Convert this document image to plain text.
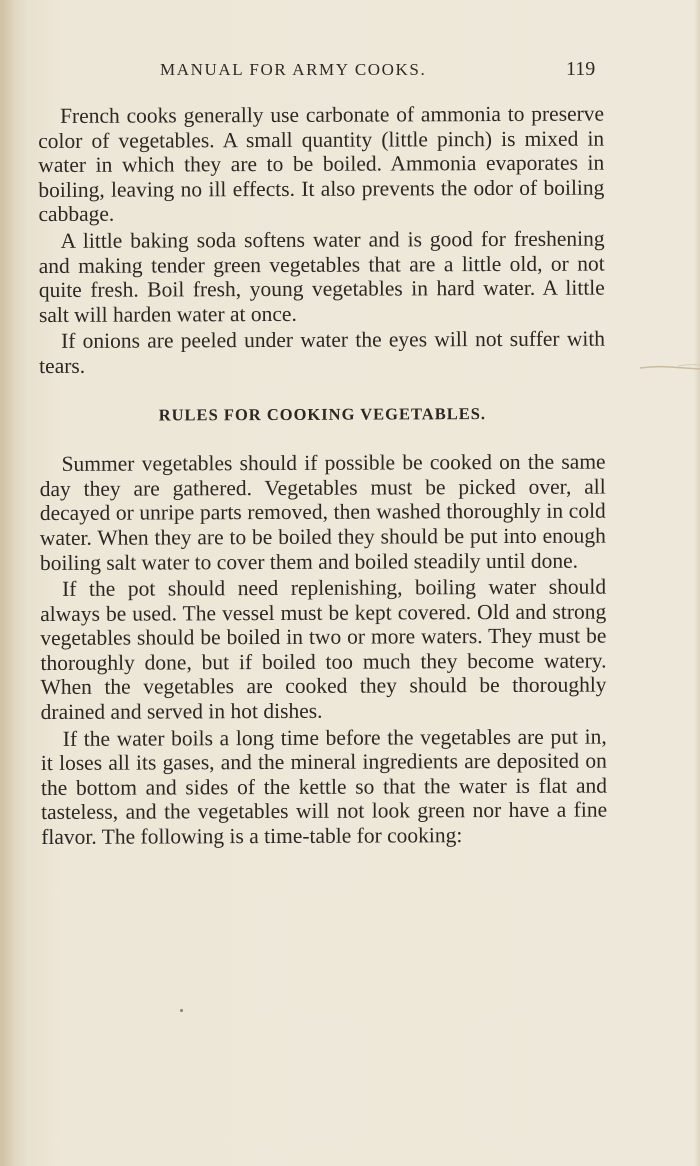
MANUAL FOR ARMY COOKS.	119

French cooks generally use carbonate of ammonia to preserve color of vegetables. A small quantity (little pinch) is mixed in water in which they are to be boiled. Ammonia evaporates in boiling, leaving no ill effects. It also prevents the odor of boiling cabbage.

A little baking soda softens water and is good for freshening and making tender green vegetables that are a little old, or not quite fresh. Boil fresh, young vegetables in hard water. A little salt will harden water at once.

If onions are peeled under water the eyes will not suffer with tears.

RULES FOR COOKING VEGETABLES.

Summer vegetables should if possible be cooked on the same day they are gathered. Vegetables must be picked over, all decayed or unripe parts removed, then washed thoroughly in cold water. When they are to be boiled they should be put into enough boiling salt water to cover them and boiled steadily until done.

If the pot should need replenishing, boiling water should always be used. The vessel must be kept covered. Old and strong vegetables should be boiled in two or more waters. They must be thoroughly done, but if boiled too much they become watery. When the vegetables are cooked they should be thoroughly drained and served in hot dishes.

If the water boils a long time before the vegetables are put in, it loses all its gases, and the mineral ingredients are deposited on the bottom and sides of the kettle so that the water is flat and tasteless, and the vegetables will not look green nor have a fine flavor. The following is a time-table for cooking:
